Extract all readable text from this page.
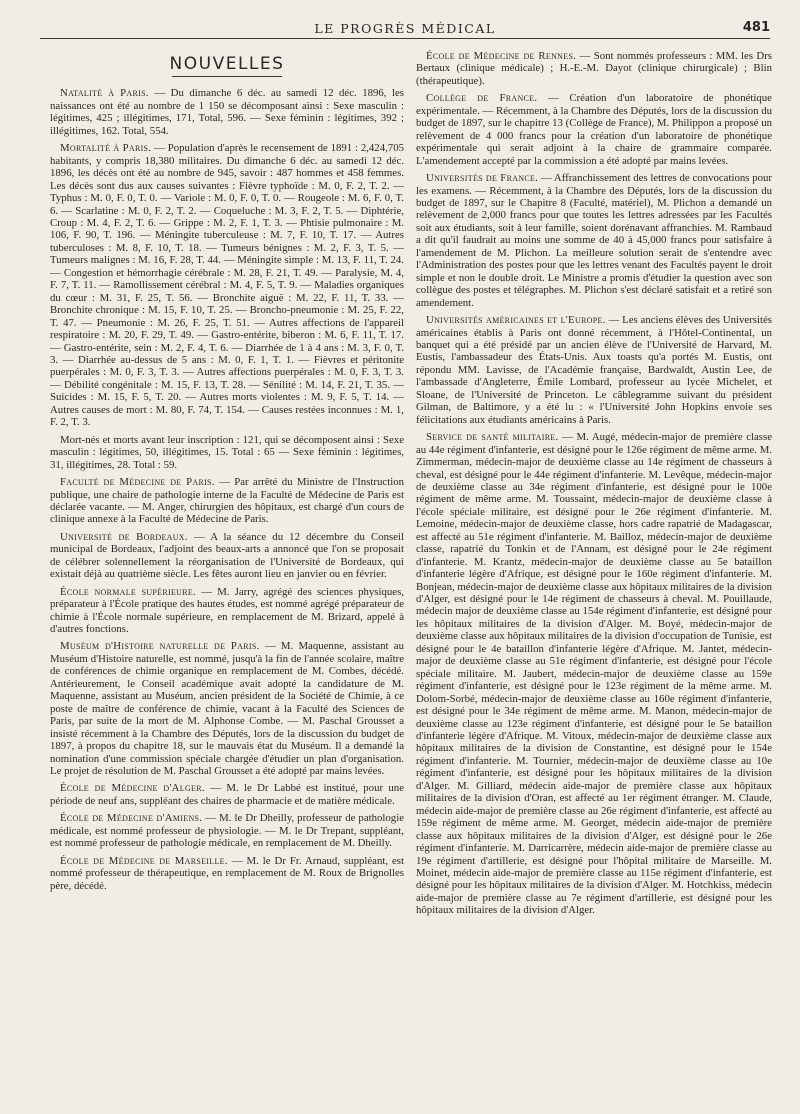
LE PROGRÈS MÉDICAL	481
NOUVELLES

Natalité à Paris. — Du dimanche 6 déc. au samedi 12 déc. 1896, les naissances ont été au nombre de 1 150 se décomposant ainsi : Sexe masculin : légitimes, 425 ; illégitimes, 171, Total, 596. — Sexe féminin : légitimes, 392 ; illégitimes, 162. Total, 554.

Mortalité à Paris. — Population d'après le recensement de 1891 : 2,424,705 habitants, y compris 18,380 militaires. Du dimanche 6 déc. au samedi 12 déc. 1896, les décès ont été au nombre de 945, savoir : 487 hommes et 458 femmes. Les décès sont dus aux causes suivantes : Fièvre typhoïde : M. 0, F. 2, T. 2. — Typhus : M. 0, F. 0, T. 0. — Variole : M. 0, F. 0, T. 0. — Rougeole : M. 6, F. 0, T. 6. — Scarlatine : M. 0, F. 2, T. 2. — Coqueluche : M. 3, F. 2, T. 5. — Diphtérie, Croup : M. 4, F. 2, T. 6. — Grippe : M. 2, F. 1, T. 3. — Phtisie pulmonaire : M. 106, F. 90, T. 196. — Méningite tuberculeuse : M. 7, F. 10, T. 17. — Autres tuberculoses : M. 8, F. 10, T. 18. — Tumeurs bénignes : M. 2, F. 3, T. 5. — Tumeurs malignes : M. 16, F. 28, T. 44. — Méningite simple : M. 13, F. 11, T. 24. — Congestion et hémorrhagie cérébrale : M. 28, F. 21, T. 49. — Paralysie, M. 4, F. 7, T. 11. — Ramollissement cérébral : M. 4, F. 5, T. 9. — Maladies organiques du cœur : M. 31, F. 25, T. 56. — Bronchite aiguë : M. 22, F. 11, T. 33. — Bronchite chronique : M. 15, F. 10, T. 25. — Broncho-pneumonie : M. 25, F. 22, T. 47. — Pneumonie : M. 26, F. 25, T. 51. — Autres affections de l'appareil respiratoire : M. 20, F. 29, T. 49. — Gastro-entérite, biberon : M. 6, F. 11, T. 17. — Gastro-entérite, sein : M. 2, F. 4, T. 6. — Diarrhée de 1 à 4 ans : M. 3, F. 0, T. 3. — Diarrhée au-dessus de 5 ans : M. 0, F. 1, T. 1. — Fièvres et péritonite puerpérales : M. 0, F. 3, T. 3. — Autres affections puerpérales : M. 0, F. 3, T. 3. — Débilité congénitale : M. 15, F. 13, T. 28. — Sénilité : M. 14, F. 21, T. 35. — Suicides : M. 15, F. 5, T. 20. — Autres morts violentes : M. 9, F. 5, T. 14. — Autres causes de mort : M. 80, F. 74, T. 154. — Causes restées inconnues : M. 1, F. 2, T. 3.

Mort-nés et morts avant leur inscription : 121, qui se décomposent ainsi : Sexe masculin : légitimes, 50, illégitimes, 15. Total : 65 — Sexe féminin : légitimes, 31, illégitimes, 28. Total : 59.

Faculté de Médecine de Paris. — Par arrêté du Ministre de l'Instruction publique, une chaire de pathologie interne de la Faculté de Médecine de Paris est déclarée vacante. — M. Anger, chirurgien des hôpitaux, est chargé d'un cours de clinique annexe à la Faculté de Médecine de Paris.

Université de Bordeaux. — A la séance du 12 décembre du Conseil municipal de Bordeaux, l'adjoint des beaux-arts a annoncé que l'on se proposait de célébrer solennellement la réorganisation de l'Université de Bordeaux, qui existait déjà au quatrième siècle. Les fêtes auront lieu en janvier ou en février.

École normale supérieure. — M. Jarry, agrégé des sciences physiques, préparateur à l'École pratique des hautes études, est nommé agrégé préparateur de chimie à l'École normale supérieure, en remplacement de M. Brizard, appelé à d'autres fonctions.

Muséum d'Histoire naturelle de Paris. — M. Maquenne, assistant au Muséum d'Histoire naturelle, est nommé, jusqu'à la fin de l'année scolaire, maître de conférences de chimie organique en remplacement de M. Combes, décédé. Antérieurement, le Conseil académique avait adopté la candidature de M. Maquenne, assistant au Muséum, ancien président de la Société de Chimie, à ce poste de maître de conférence de chimie, vacant à la Faculté des Sciences de Paris, par suite de la mort de M. Alphonse Combe. — M. Paschal Grousset a insisté récemment à la Chambre des Députés, lors de la discussion du budget de 1897, à propos du chapitre 18, sur le mauvais état du Muséum. Il a demandé la nomination d'une commission spéciale chargée d'étudier un plan d'organisation. Le projet de résolution de M. Paschal Grousset a été adopté par mains levées.

École de Médecine d'Alger. — M. le Dr Labbé est institué, pour une période de neuf ans, suppléant des chaires de pharmacie et de matière médicale.

École de Médecine d'Amiens. — M. le Dr Dheilly, professeur de pathologie médicale, est nommé professeur de physiologie. — M. le Dr Trepant, suppléant, est nommé professeur de pathologie médicale, en remplacement de M. Dheilly.

École de Médecine de Marseille. — M. le Dr Fr. Arnaud, suppléant, est nommé professeur de thérapeutique, en remplacement de M. Roux de Brignolles père, décédé.

École de Médecine de Rennes. — Sont nommés professeurs : MM. les Drs Bertaux (clinique médicale) ; H.-E.-M. Dayot (clinique chirurgicale) ; Blin (thérapeutique).

Collège de France. — Création d'un laboratoire de phonétique expérimentale. — Récemment, à la Chambre des Députés, lors de la discussion du budget de 1897, sur le chapitre 13 (Collège de France), M. Philippon a proposé un relèvement de 4 000 francs pour la création d'un laboratoire de phonétique expérimentale qui serait adjoint à la chaire de grammaire comparée. L'amendement accepté par la commission a été adopté par mains levées.

Universités de France. — Affranchissement des lettres de convocations pour les examens. — Récemment, à la Chambre des Députés, lors de la discussion du budget de 1897, sur le Chapitre 8 (Faculté, matériel), M. Plichon a demandé un relèvement de 2,000 francs pour que toutes les lettres adressées par les Facultés soit aux étudiants, soit à leur famille, soient dorénavant affranchies. M. Rambaud a dit qu'il faudrait au moins une somme de 40 à 45,000 francs pour satisfaire à l'amendement de M. Plichon. La meilleure solution serait de s'entendre avec l'Administration des postes pour que les lettres venant des Facultés payent le droit simple et non le double droit. Le Ministre a promis d'étudier la question avec son collègue des postes et télégraphes. M. Plichon s'est déclaré satisfait et a retiré son amendement.

Universités américaines et l'Europe. — Les anciens élèves des Universités américaines établis à Paris ont donné récemment, à l'Hôtel-Continental, un banquet qui a été présidé par un ancien élève de l'Université de Harvard, M. Eustis, l'ambassadeur des États-Unis. Aux toasts qu'a portés M. Eustis, ont répondu MM. Lavisse, de l'Académie française, Bardwaldt, Austin Lee, de l'ambassade d'Angleterre, Émile Lombard, professeur au lycée Michelet, et Sloane, de l'Université de Princeton. Le câblegramme suivant du président Gilman, de Baltimore, y a été lu : « l'Université John Hopkins envoie ses félicitations aux étudiants américains à Paris.

Service de santé militaire. — M. Augé, médecin-major de première classe au 44e régiment d'infanterie, est désigné pour le 126e régiment de même arme. M. Zimmerman, médecin-major de deuxième classe au 14e régiment de chasseurs à cheval, est désigné pour le 44e régiment d'infanterie. M. Levêque, médecin-major de deuxième classe au 34e régiment d'infanterie, est désigné pour le 100e régiment de même arme. M. Toussaint, médecin-major de deuxième classe à l'école spéciale militaire, est désigné pour le 26e régiment d'infanterie. M. Lemoine, médecin-major de deuxième classe, hors cadre rapatrié de Madagascar, est affecté au 51e régiment d'infanterie. M. Bailloz, médecin-major de deuxième classe, rapatrié du Tonkin et de l'Annam, est désigné pour le 24e régiment d'infanterie. M. Krantz, médecin-major de deuxième classe au 5e bataillon d'infanterie légère d'Afrique, est désigné pour le 160e régiment d'infanterie. M. Bonjean, médecin-major de deuxième classe aux hôpitaux militaires de la division d'Alger, est désigné pour le 14e régiment de chasseurs à cheval. M. Pouillaude, médecin major de deuxième classe au 154e régiment d'infanterie, est désigné pour les hôpitaux militaires de la division d'Alger. M. Boyé, médecin-major de deuxième classe aux hôpitaux militaires de la division d'occupation de Tunisie, est désigné pour le 4e bataillon d'infanterie légère d'Afrique. M. Jantet, médecin-major de deuxième classe au 51e régiment d'infanterie, est désigné pour l'école spéciale militaire. M. Jaubert, médecin-major de deuxième classe au 159e régiment d'infanterie, est désigné pour le 123e régiment de la même arme. M. Dolom-Sorbé, médecin-major de deuxième classe au 160e régiment d'infanterie, est désigné pour le 34e régiment de même arme. M. Manon, médecin-major de deuxième classe au 123e régiment d'infanterie, est désigné pour le 5e bataillon d'infanterie légère d'Afrique. M. Vitoux, médecin-major de deuxième classe aux hôpitaux militaires de la division de Constantine, est désigné pour le 154e régiment d'infanterie. M. Tournier, médecin-major de deuxième classe au 10e régiment d'infanterie, est désigné pour les hôpitaux militaires de la division d'Alger. M. Gilliard, médecin aide-major de première classe aux hôpitaux militaires de la division d'Oran, est affecté au 1er régiment étranger. M. Claude, médecin aide-major de première classe au 26e régiment d'infanterie, est affecté au 159e régiment de même arme. M. Georget, médecin aide-major de première classe aux hôpitaux militaires de la division d'Alger, est désigné pour le 26e régiment d'infanterie. M. Darricarrère, médecin aide-major de première classe au 19e régiment d'artillerie, est désigné pour l'hôpital militaire de Marseille. M. Moinet, médecin aide-major de première classe au 115e régiment d'infanterie, est désigné pour les hôpitaux militaires de la division d'Alger. M. Hotchkiss, médecin aide-major de première classe au 7e régiment d'artillerie, est désigné pour les hôpitaux militaires de la division d'Alger.
